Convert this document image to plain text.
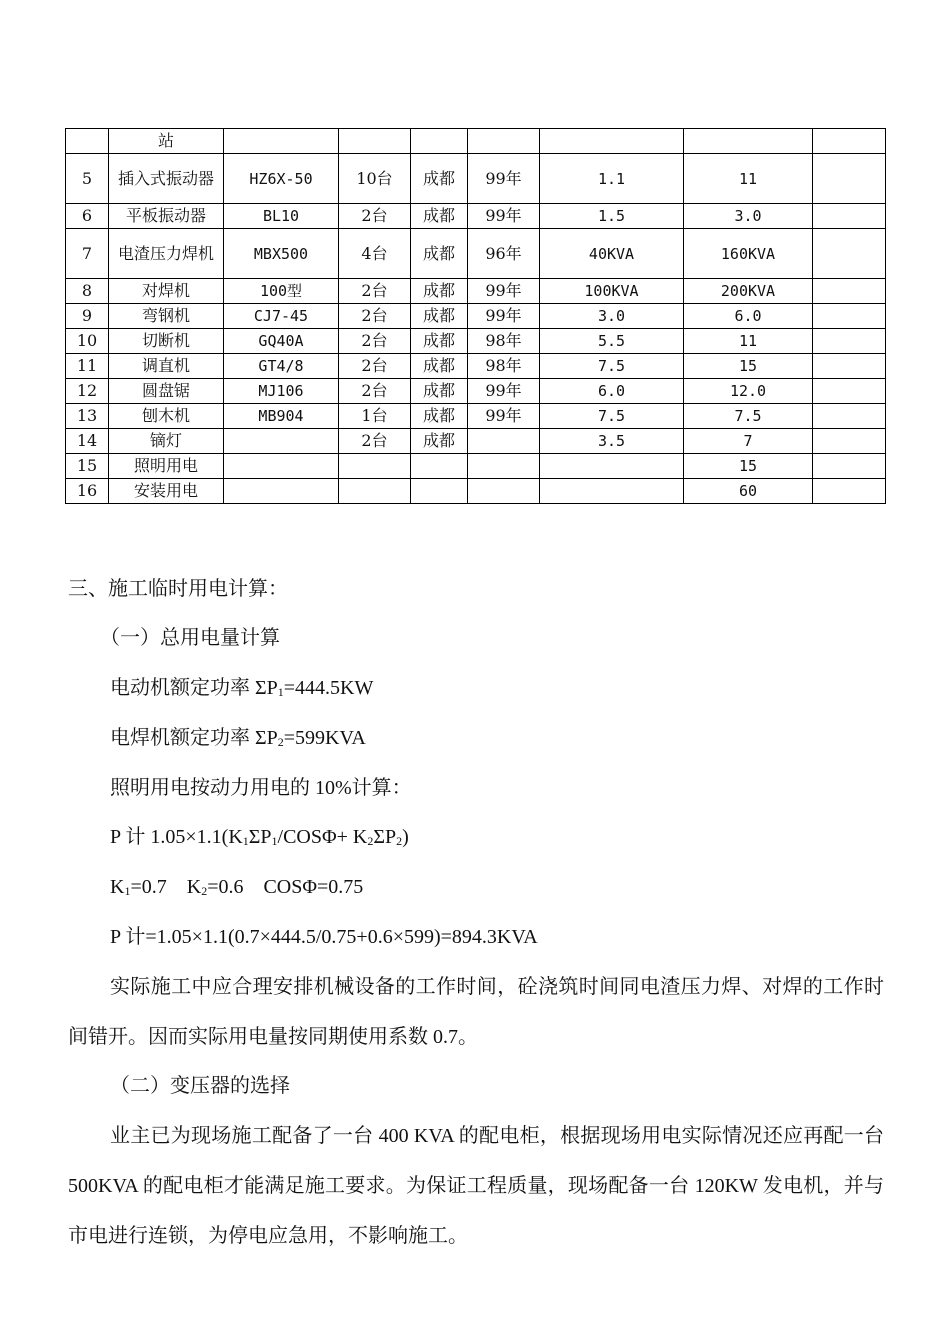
	站							
5	插入式振动器	HZ6X-50	10台	成都	99年	1.1	11	
6	平板振动器	BL10	2台	成都	99年	1.5	3.0	
7	电渣压力焊机	MBX500	4台	成都	96年	40KVA	160KVA	
8	对焊机	100型	2台	成都	99年	100KVA	200KVA	
9	弯钢机	CJ7-45	2台	成都	99年	3.0	6.0	
10	切断机	GQ40A	2台	成都	98年	5.5	11	
11	调直机	GT4/8	2台	成都	98年	7.5	15	
12	圆盘锯	MJ106	2台	成都	99年	6.0	12.0	
13	刨木机	MB904	1台	成都	99年	7.5	7.5	
14	镝灯		2台	成都		3.5	7	
15	照明用电						15	
16	安装用电						60	
三、施工临时用电计算：
（一）总用电量计算
电动机额定功率 $\Sigma P_1=444.5KW$
电焊机额定功率 $\Sigma P_2=599KVA$
照明用电按动力用电的 10%计算：
P 计 $1.05\times 1.1(K_1\Sigma P_1/COS\Phi+ K_2\Sigma P_2)$
$K_1=0.7$　$K_2=0.6$　COSΦ=0.75
P 计=1.05×1.1(0.7×444.5/0.75+0.6×599)=894.3KVA
实际施工中应合理安排机械设备的工作时间，砼浇筑时间同电渣压力焊、对焊的工作时间错开。因而实际用电量按同期使用系数 0.7。
（二）变压器的选择
业主已为现场施工配备了一台 400 KVA 的配电柜，根据现场用电实际情况还应再配一台 500KVA 的配电柜才能满足施工要求。为保证工程质量，现场配备一台 120KW 发电机，并与市电进行连锁，为停电应急用，不影响施工。
